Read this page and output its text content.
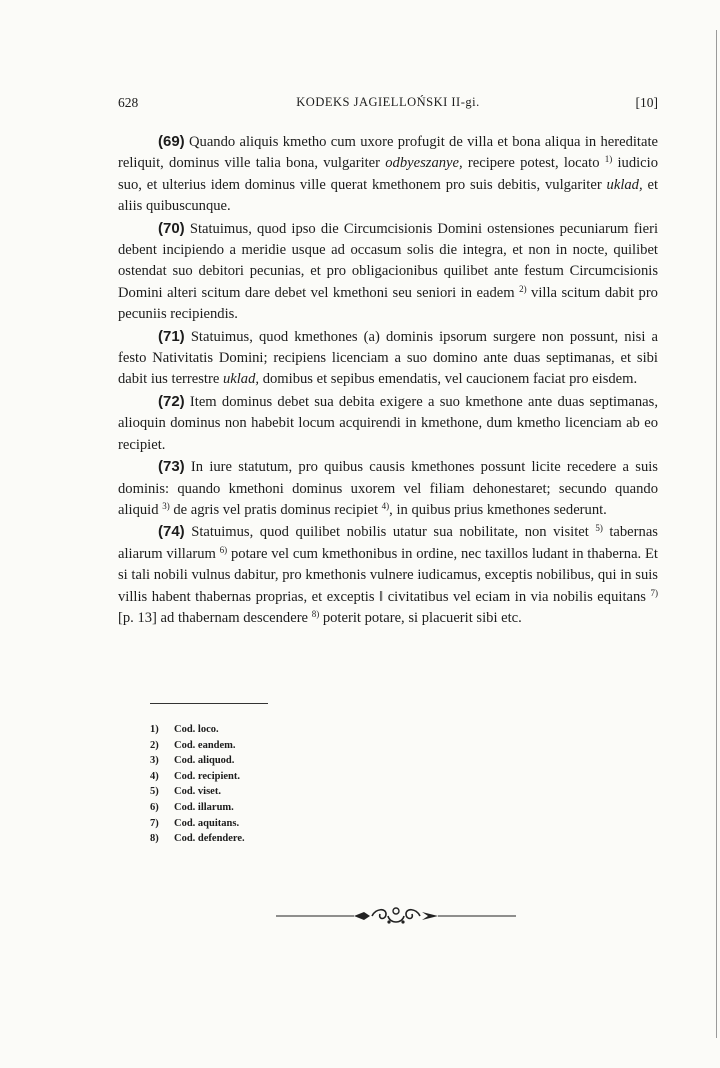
628	KODEKS JAGIELLOŃSKI II-gi.	[10]

(69) Quando aliquis kmetho cum uxore profugit de villa et bona aliqua in hereditate reliquit, dominus ville talia bona, vulgariter odbyeszanye, recipere potest, locato $^{1)}$ iudicio suo, et ulterius idem dominus ville querat kmethonem pro suis debitis, vulgariter uklad, et aliis quibuscunque.

(70) Statuimus, quod ipso die Circumcisionis Domini ostensiones pecuniarum fieri debent incipiendo a meridie usque ad occasum solis die integra, et non in nocte, quilibet ostendat suo debitori pecunias, et pro obligacionibus quilibet ante festum Circumcisionis Domini alteri scitum dare debet vel kmethoni seu seniori in eadem $^{2)}$ villa scitum dabit pro pecuniis recipiendis.

(71) Statuimus, quod kmethones (a) dominis ipsorum surgere non possunt, nisi a festo Nativitatis Domini; recipiens licenciam a suo domino ante duas septimanas, et sibi dabit ius terrestre uklad, domibus et sepibus emendatis, vel caucionem faciat pro eisdem.

(72) Item dominus debet sua debita exigere a suo kmethone ante duas septimanas, alioquin dominus non habebit locum acquirendi in kmethone, dum kmetho licenciam ab eo recipiet.

(73) In iure statutum, pro quibus causis kmethones possunt licite recedere a suis dominis: quando kmethoni dominus uxorem vel filiam dehonestaret; secundo quando aliquid $^{3)}$ de agris vel pratis dominus recipiet $^{4)}$, in quibus prius kmethones sederunt.

(74) Statuimus, quod quilibet nobilis utatur sua nobilitate, non visitet $^{5)}$ tabernas aliarum villarum $^{6)}$ potare vel cum kmethonibus in ordine, nec taxillos ludant in thaberna. Et si tali nobili vulnus dabitur, pro kmethonis vulnere iudicamus, exceptis nobilibus, qui in suis villis habent thabernas proprias, et exceptis ‖ civitatibus vel eciam in via nobilis equitans $^{7)}$ [p. 13] ad thabernam descendere $^{8)}$ poterit potare, si placuerit sibi etc.

1) Cod. loco.
2) Cod. eandem.
3) Cod. aliquod.
4) Cod. recipient.
5) Cod. viset.
6) Cod. illarum.
7) Cod. aquitans.
8) Cod. defendere.
